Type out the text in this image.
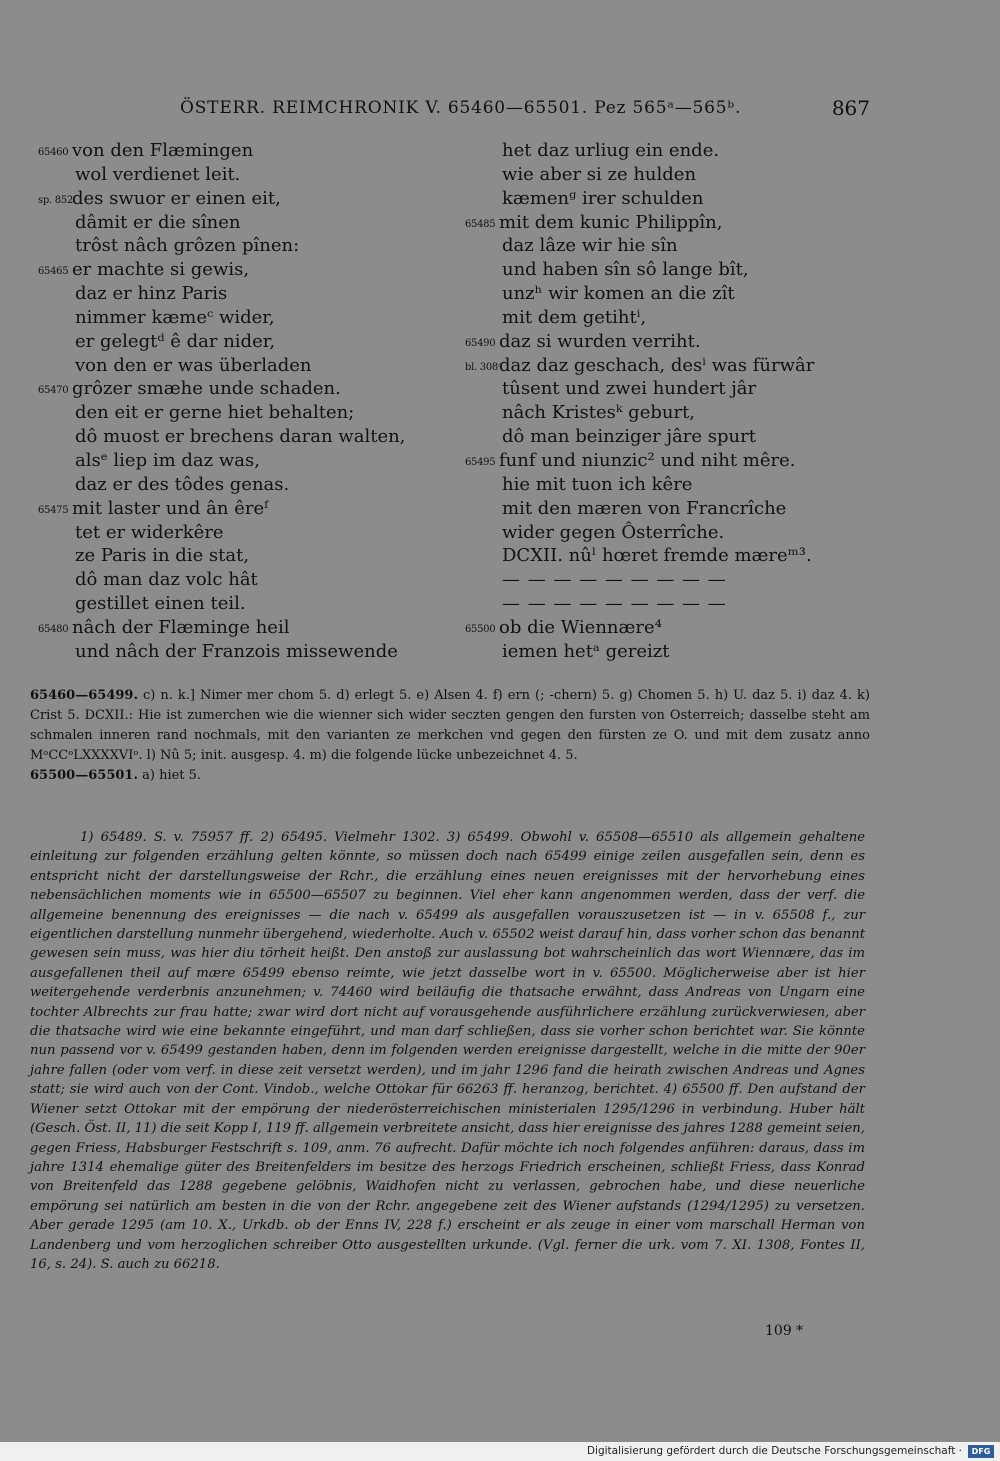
ÖSTERR. REIMCHRONIK V. 65460—65501. Pez 565ᵃ—565ᵇ.	867
65460 von den Flæmingen
wol verdienet leit.
sp. 852 des swuor er einen eit,
dâmit er die sînen
trôst nâch grôzen pînen:
65465 er machte si gewis,
daz er hinz Paris
nimmer kæmeᶜ wider,
er gelegtᵈ ê dar nider,
von den er was überladen
65470 grôzer smæhe unde schaden.
den eit er gerne hiet behalten;
dô muost er brechens daran walten,
alsᵉ liep im daz was,
daz er des tôdes genas.
65475 mit laster und ân êreᶠ
tet er widerkêre
ze Paris in die stat,
dô man daz volc hât
gestillet einen teil.
65480 nâch der Flæminge heil
und nâch der Franzois missewende
het daz urliug ein ende.
wie aber si ze hulden
kæmenᵍ irer schulden
65485 mit dem kunic Philippîn,
daz lâze wir hie sîn
und haben sîn sô lange bît,
unzʰ wir komen an die zît
mit dem getihtⁱ,
65490 daz si wurden verriht.
bl. 308ᵃ
daz daz geschach, desⁱ was fürwâr
tûsent und zwei hundert jâr
nâch Kristesᵏ geburt,
dô man beinziger jâre spurt
65495 funf und niunzic² und niht mêre.
hie mit tuon ich kêre
mit den mæren von Francrîche
wider gegen Ôsterrîche.
DCXII. nûˡ hœret fremde mæreᵐ³.
— — — — — — — — —
— — — — — — — — —
65500 ob die Wiennære⁴
iemen hetᵃ gereizt

65460—65499. c) n. k.] Nimer mer chom 5. d) erlegt 5. e) Alsen 4. f) ern (; -chern) 5. g) Chomen 5. h) U. daz 5. i) daz 4. k) Crist 5. DCXII.: Hie ist zumerchen wie die wienner sich wider seczten gengen den fursten von Osterreich; dasselbe steht am schmalen inneren rand nochmals, mit den varianten ze merkchen vnd gegen den fürsten ze O. und mit dem zusatz anno MᵒCCᵒLXXXXVIᵒ. l) Nû 5; init. ausgesp. 4. m) die folgende lücke unbezeichnet 4. 5.

65500—65501. a) hiet 5.

1) 65489. S. v. 75957 ff. 2) 65495. Vielmehr 1302. 3) 65499. Obwohl v. 65508—65510 als allgemein gehaltene einleitung zur folgenden erzählung gelten könnte, so müssen doch nach 65499 einige zeilen ausgefallen sein, denn es entspricht nicht der darstellungsweise der Rchr., die erzählung eines neuen ereignisses mit der hervorhebung eines nebensächlichen moments wie in 65500—65507 zu beginnen. Viel eher kann angenommen werden, dass der verf. die allgemeine benennung des ereignisses — die nach v. 65499 als ausgefallen vorauszusetzen ist — in v. 65508 f., zur eigentlichen darstellung nunmehr übergehend, wiederholte. Auch v. 65502 weist darauf hin, dass vorher schon das benannt gewesen sein muss, was hier diu törheit heißt. Den anstoß zur auslassung bot wahrscheinlich das wort Wiennære, das im ausgefallenen theil auf mære 65499 ebenso reimte, wie jetzt dasselbe wort in v. 65500. Möglicherweise aber ist hier weitergehende verderbnis anzunehmen; v. 74460 wird beiläufig die thatsache erwähnt, dass Andreas von Ungarn eine tochter Albrechts zur frau hatte; zwar wird dort nicht auf vorausgehende ausführlichere erzählung zurückverwiesen, aber die thatsache wird wie eine bekannte eingeführt, und man darf schließen, dass sie vorher schon berichtet war. Sie könnte nun passend vor v. 65499 gestanden haben, denn im folgenden werden ereignisse dargestellt, welche in die mitte der 90er jahre fallen (oder vom verf. in diese zeit versetzt werden), und im jahr 1296 fand die heirath zwischen Andreas und Agnes statt; sie wird auch von der Cont. Vindob., welche Ottokar für 66263 ff. heranzog, berichtet. 4) 65500 ff. Den aufstand der Wiener setzt Ottokar mit der empörung der niederösterreichischen ministerialen 1295/1296 in verbindung. Huber hält (Gesch. Öst. II, 11) die seit Kopp I, 119 ff. allgemein verbreitete ansicht, dass hier ereignisse des jahres 1288 gemeint seien, gegen Friess, Habsburger Festschrift s. 109, anm. 76 aufrecht. Dafür möchte ich noch folgendes anführen: daraus, dass im jahre 1314 ehemalige güter des Breitenfelders im besitze des herzogs Friedrich erscheinen, schließt Friess, dass Konrad von Breitenfeld das 1288 gegebene gelöbnis, Waidhofen nicht zu verlassen, gebrochen habe, und diese neuerliche empörung sei natürlich am besten in die von der Rchr. angegebene zeit des Wiener aufstands (1294/1295) zu versetzen. Aber gerade 1295 (am 10. X., Urkdb. ob der Enns IV, 228 f.) erscheint er als zeuge in einer vom marschall Herman von Landenberg und vom herzoglichen schreiber Otto ausgestellten urkunde. (Vgl. ferner die urk. vom 7. XI. 1308, Fontes II, 16, s. 24). S. auch zu 66218.

109 *
Digitalisierung gefördert durch die Deutsche Forschungsgemeinschaft ·	DFG
